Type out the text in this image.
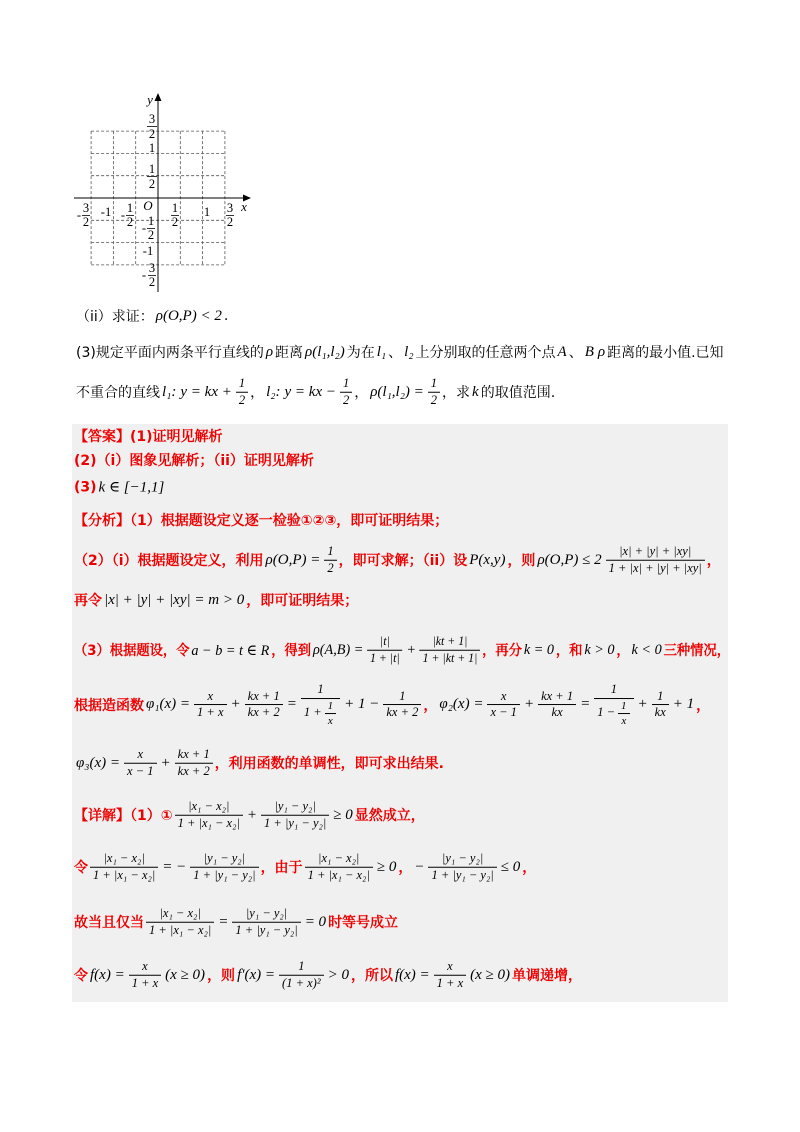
y
x
O
3
2
1
1
2
- 3
2
-1 - 1
2
1
2
1 3
2
- 1
2
-1
- 3
2
（ii）求证： ρ(O,P) < 2 .
(3)规定平面内两条平行直线的 ρ 距离 ρ(l₁,l₂) 为在 l₁ 、 l₂ 上分别取的任意两个点 A 、 B ρ 距离的最小值.已知
不重合的直线 l₁: y = kx + $\frac{1}{2}$ ， l₂: y = kx − $\frac{1}{2}$ ， $\rho(l_1,l_2) = \frac{1}{2}$ ，求 k 的取值范围.
【答案】(1)证明见解析
(2)（i）图象见解析；（ii）证明见解析
(3) k ∈ [−1,1]
【分析】（1）根据题设定义逐一检验①②③，即可证明结果；
（2）（i）根据题设定义，利用 $\rho(O,P) = \frac{1}{2}$ ，即可求解；（ii）设 P(x,y) ，则 $\rho(O,P) \le 2 \frac{|x| + |y| + |xy|}{1 + |x| + |y| + |xy|}$ ，
再令 |x| + |y| + |xy| = m > 0 ，即可证明结果；
（3）根据题设，令 a − b = t ∈ R ，得到 $\rho(A,B) = \frac{|t|}{1 + |t|} + \frac{|kt + 1|}{1 + |kt + 1|}$ ，再分 k = 0 ，和 k > 0 ， k < 0 三种情况，
根据造函数 $\varphi_1(x) = \frac{x}{1 + x} + \frac{kx + 1}{kx + 2} = \frac{1}{1 + \frac{1}{x}} + 1 - \frac{1}{kx + 2}$ ， $\varphi_2(x) = \frac{x}{x - 1} + \frac{kx + 1}{kx} = \frac{1}{1 - \frac{1}{x}} + \frac{1}{kx} + 1$ ，
$\varphi_3(x) = \frac{x}{x - 1} + \frac{kx + 1}{kx + 2}$ ，利用函数的单调性，即可求出结果.
【详解】（1）① $\frac{\text{|x₁ − x₂|}}{\text{1 + |x₁ − x₂|}} + \frac{\text{|y₁ − y₂|}}{\text{1 + |y₁ − y₂|}} \ge 0$ 显然成立，
令 $\frac{\text{|x₁ − x₂|}}{\text{1 + |x₁ − x₂|}}$ = − $\frac{\text{|y₁ − y₂|}}{\text{1 + |y₁ − y₂|}}$ ，由于 $\frac{\text{|x₁ − x₂|}}{\text{1 + |x₁ − x₂|}} \ge 0$ ， − $\frac{\text{|y₁ − y₂|}}{\text{1 + |y₁ − y₂|}} \le 0$ ，
故当且仅当 $\frac{\text{|x₁ − x₂|}}{\text{1 + |x₁ − x₂|}} = \frac{\text{|y₁ − y₂|}}{\text{1 + |y₁ − y₂|}} = 0$ 时等号成立
令 $f(x) = \frac{x}{1 + x} (x \ge 0)$ ，则 $f'(x) = \frac{1}{\text{(1 + x)²}} > 0$ ，所以 $f(x) = \frac{x}{1 + x} (x \ge 0)$ 单调递增，
